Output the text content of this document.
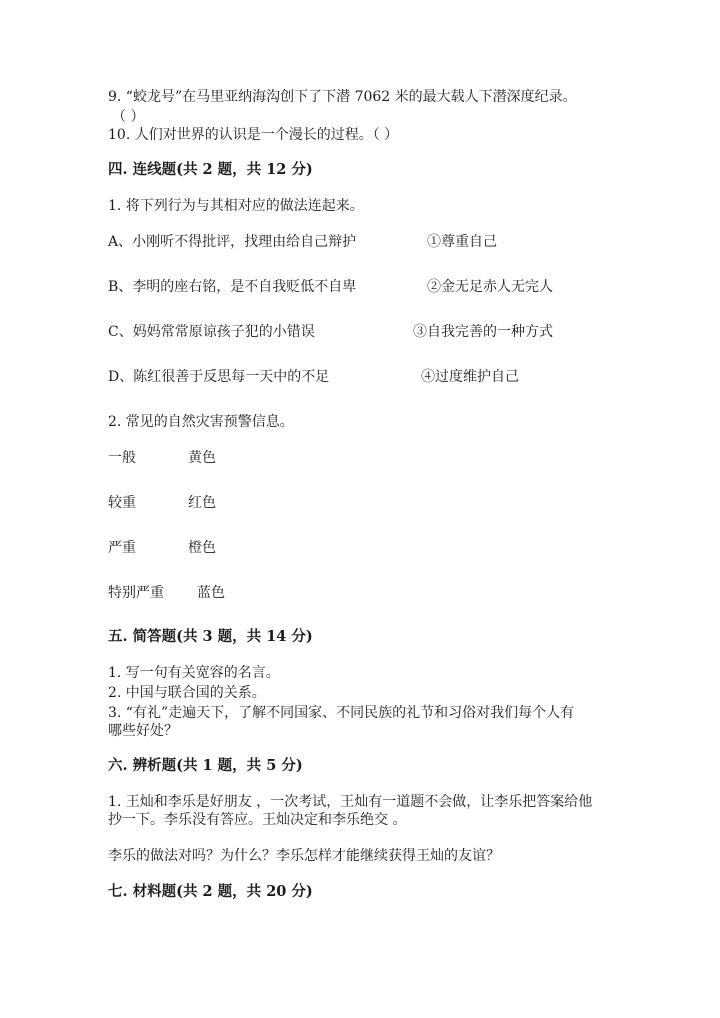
9. “蛟龙号”在马里亚纳海沟创下了下潜 7062 米的最大载人下潜深度纪录。
（ ）
10. 人们对世界的认识是一个漫长的过程。（ ）
四. 连线题(共 2 题，共 12 分)
1. 将下列行为与其相对应的做法连起来。
A、小刚听不得批评，找理由给自己辩护	①尊重自己
B、李明的座右铭，是不自我贬低不自卑	②金无足赤人无完人
C、妈妈常常原谅孩子犯的小错误	③自我完善的一种方式
D、陈红很善于反思每一天中的不足	④过度维护自己
2. 常见的自然灾害预警信息。
一般	黄色
较重	红色
严重	橙色
特别严重 蓝色
五. 简答题(共 3 题，共 14 分)
1. 写一句有关宽容的名言。
2. 中国与联合国的关系。
3. “有礼”走遍天下，了解不同国家、不同民族的礼节和习俗对我们每个人有
哪些好处？
六. 辨析题(共 1 题，共 5 分)
1. 王灿和李乐是好朋友 ，一次考试，王灿有一道题不会做，让李乐把答案给他
抄一下。李乐没有答应。王灿决定和李乐绝交 。
李乐的做法对吗？为什么？李乐怎样才能继续获得王灿的友谊？
七. 材料题(共 2 题，共 20 分)
